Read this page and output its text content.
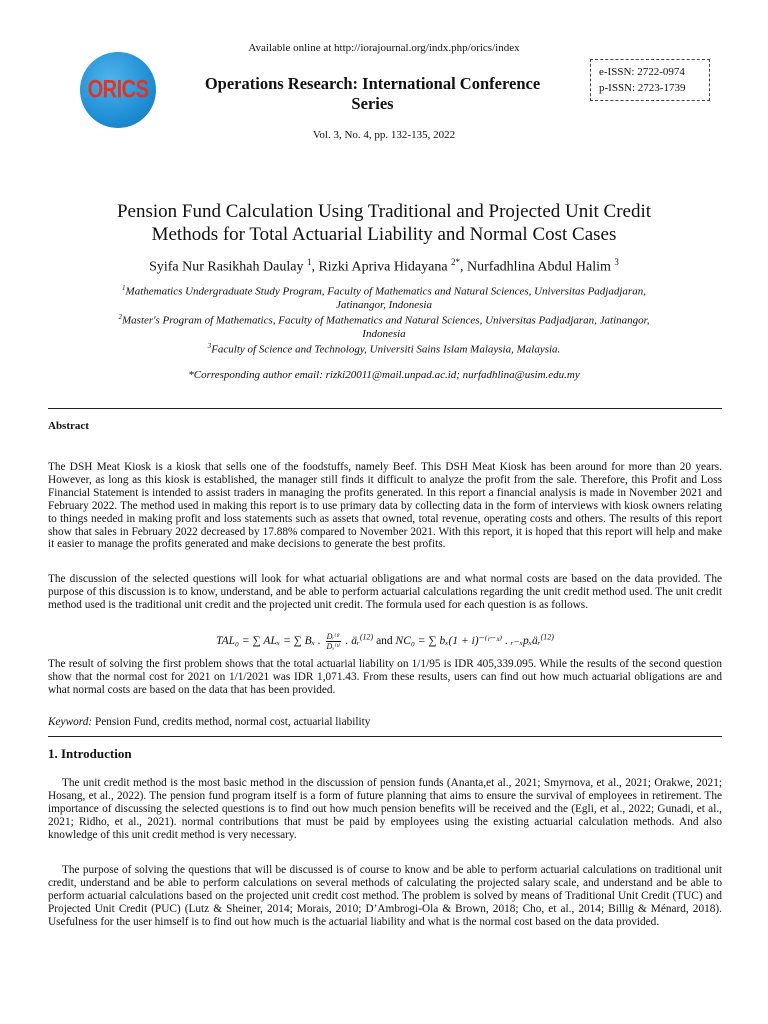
Available online at http://iorajournal.org/indx.php/orics/index
ORICS	Operations Research: International Conference
Series
e-ISSN: 2722-0974
p-ISSN: 2723-1739
Vol. 3, No. 4, pp. 132-135, 2022
Pension Fund Calculation Using Traditional and Projected Unit Credit
Methods for Total Actuarial Liability and Normal Cost Cases
Syifa Nur Rasikhah Daulay $^1$, Rizki Apriva Hidayana $^{2*}$, Nurfadhlina Abdul Halim $^3$
$^1$Mathematics Undergraduate Study Program, Faculty of Mathematics and Natural Sciences, Universitas Padjadjaran,
Jatinangor, Indonesia
$^2$Master's Program of Mathematics, Faculty of Mathematics and Natural Sciences, Universitas Padjadjaran, Jatinangor,
Indonesia
$^3$Faculty of Science and Technology, Universiti Sains Islam Malaysia, Malaysia.
*Corresponding author email: rizki20011@mail.unpad.ac.id; nurfadhlina@usim.edu.my
Abstract
The DSH Meat Kiosk is a kiosk that sells one of the foodstuffs, namely Beef. This DSH Meat Kiosk has been around for more than 20 years. However, as long as this kiosk is established, the manager still finds it difficult to analyze the profit from the sale. Therefore, this Profit and Loss Financial Statement is intended to assist traders in managing the profits generated. In this report a financial analysis is made in November 2021 and February 2022. The method used in making this report is to use primary data by collecting data in the form of interviews with kiosk owners relating to things needed in making profit and loss statements such as assets that owned, total revenue, operating costs and others. The results of this report show that sales in February 2022 decreased by 17.88% compared to November 2021. With this report, it is hoped that this report will help and make it easier to manage the profits generated and make decisions to generate the best profits.
The discussion of the selected questions will look for what actuarial obligations are and what normal costs are based on the data provided. The purpose of this discussion is to know, understand, and be able to perform actuarial calculations regarding the unit credit method used. The unit credit method used is the traditional unit credit and the projected unit credit. The formula used for each question is as follows.
TAL₀ = ∑ ALₓ = ∑ Bₓ . $\frac{\text{Dᵣ⁽ᵗ⁾}}{\text{Dₓ⁽ᵗ⁾}}$ . äᵣ$^{(12)}$ and NC₀ = ∑ bₓ(1 + i)⁻⁽ʳ⁻ˣ⁾ . ᵣ₋ₓpₓäᵣ$^{(12)}$
The result of solving the first problem shows that the total actuarial liability on 1/1/95 is IDR 405,339.095. While the results of the second question show that the normal cost for 2021 on 1/1/2021 was IDR 1,071.43. From these results, users can find out how much actuarial obligations are and what normal costs are based on the data that has been provided.
Keyword: Pension Fund, credits method, normal cost, actuarial liability
1. Introduction
The unit credit method is the most basic method in the discussion of pension funds (Ananta,et al., 2021; Smyrnova, et al., 2021; Orakwe, 2021; Hosang, et al., 2022). The pension fund program itself is a form of future planning that aims to ensure the survival of employees in retirement. The importance of discussing the selected questions is to find out how much pension benefits will be received and the (Egli, et al., 2022; Gunadi, et al., 2021; Ridho, et al., 2021). normal contributions that must be paid by employees using the existing actuarial calculation methods. And also knowledge of this unit credit method is very necessary.
The purpose of solving the questions that will be discussed is of course to know and be able to perform actuarial calculations on traditional unit credit, understand and be able to perform calculations on several methods of calculating the projected salary scale, and understand and be able to perform actuarial calculations based on the projected unit credit cost method. The problem is solved by means of Traditional Unit Credit (TUC) and Projected Unit Credit (PUC) (Lutz & Sheiner, 2014; Morais, 2010; D’Ambrogi-Ola & Brown, 2018; Cho, et al., 2014; Billig & Ménard, 2018). Usefulness for the user himself is to find out how much is the actuarial liability and what is the normal cost based on the data provided.
